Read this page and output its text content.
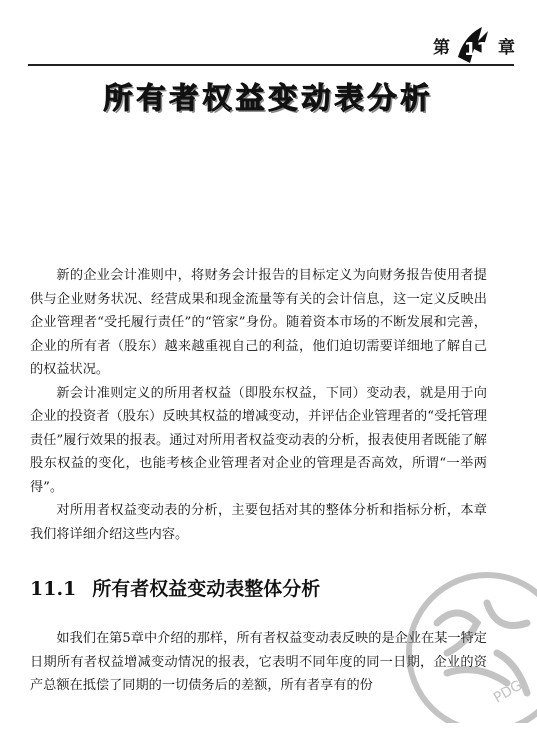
第 11 章
所有者权益变动表分析

新的企业会计准则中，将财务会计报告的目标定义为向财务报告使用者提供与企业财务状况、经营成果和现金流量等有关的会计信息，这一定义反映出企业管理者“受托履行责任”的“管家”身份。随着资本市场的不断发展和完善，企业的所有者（股东）越来越重视自己的利益，他们迫切需要详细地了解自己的权益状况。

新会计准则定义的所用者权益（即股东权益，下同）变动表，就是用于向企业的投资者（股东）反映其权益的增减变动，并评估企业管理者的“受托管理责任”履行效果的报表。通过对所用者权益变动表的分析，报表使用者既能了解股东权益的变化，也能考核企业管理者对企业的管理是否高效，所谓“一举两得”。

对所用者权益变动表的分析，主要包括对其的整体分析和指标分析，本章我们将详细介绍这些内容。

11.1 所有者权益变动表整体分析

如我们在第5章中介绍的那样，所有者权益变动表反映的是企业在某一特定日期所有者权益增减变动情况的报表，它表明不同年度的同一日期，企业的资产总额在抵偿了同期的一切债务后的差额，所有者享有的份	PDG
